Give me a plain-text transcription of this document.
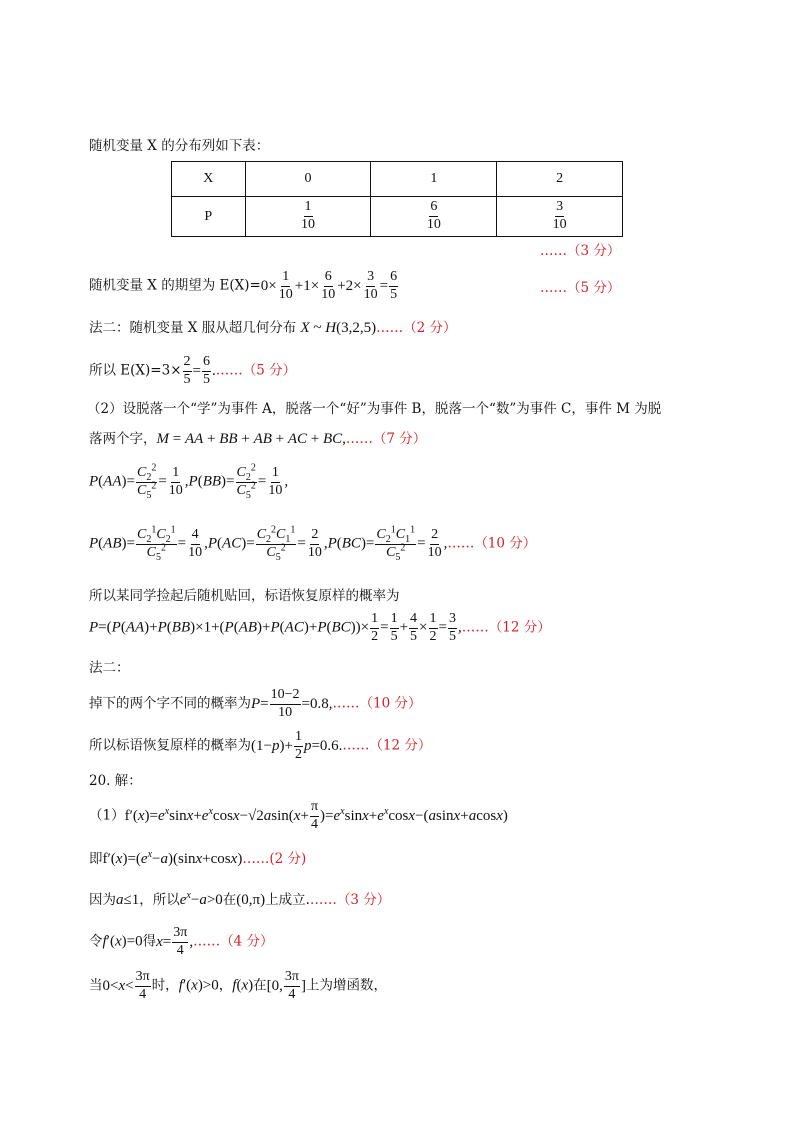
随机变量 X 的分布列如下表：
X	0	1	2
P	$\frac{1}{10}$	$\frac{6}{10}$	$\frac{3}{10}$
……（3 分）
随机变量 X 的期望为 $E(X)=0\times \frac{1}{10} +1\times \frac{6}{10} +2\times \frac{3}{10} = \frac{6}{5}$	……（5 分）
法二：随机变量 X 服从超几何分布 X ~ H(3,2,5)……（2 分）
所以 $E(X)=3\times \frac{2}{5} = \frac{6}{5}$ .……（5 分）
（2）设脱落一个“学”为事件 A，脱落一个“好”为事件 B，脱落一个“数”为事件 C，事件 M 为脱
落两个字，M = AA + BB + AB + AC + BC,……（7 分）
$P(AA)= \frac{C_2^2}{C_5^2} = \frac{1}{10} ,P(BB)= \frac{C_2^2}{C_5^2} = \frac{1}{10}$ ,
$P(AB)= \frac{C_2^1C_2^1}{C_5^2} = \frac{4}{10} ,P(AC)= \frac{C_2^2C_1^1}{C_5^2} = \frac{2}{10} ,P(BC)= \frac{C_2^1C_1^1}{C_5^2} = \frac{2}{10}$ ,……（10 分）
所以某同学捡起后随机贴回，标语恢复原样的概率为
$P=(P(AA)+P(BB)\times 1+(P(AB)+P(AC)+P(BC))\times \frac{1}{2} = \frac{1}{5} + \frac{4}{5} \times \frac{1}{2} = \frac{3}{5}$ ,……（12 分）
法二：
掉下的两个字不同的概率为$P= \frac{10-2}{10}$ =0.8,……（10 分）
所以标语恢复原样的概率为$(1-p)+ \frac{1}{2}$ p=0.6.……（12 分）
20. 解：
$(1)f'(x)=e^x\sin x+e^x\cos x-√2asin(x+ \frac{\pi}{4} )=e^x\sin x+e^x\cos x-(asinx+acosx)$
即$f'(x)=(e^x-a)(\sin x+\cos x)\dots\dots(2$ 分)
因为a≤1，所以$e^x-a>0$在(0,π)上成立.……（3 分）
令f′(x)=0得$x= \frac{3\pi}{4}$ ,……（4 分）
当$0<x< \frac{3\pi}{4}$ 时，f′(x)>0，f(x)在[0, $\frac{3\pi}{4}$ ]上为增函数，
